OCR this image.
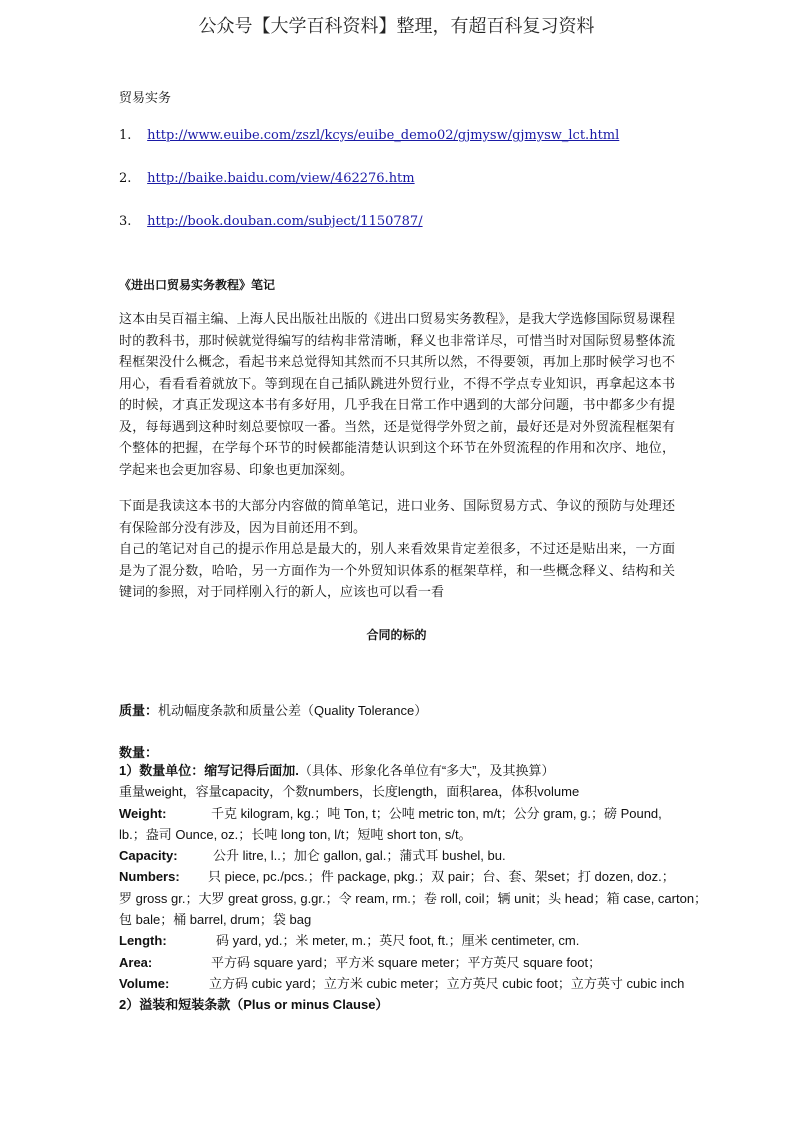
公众号【大学百科资料】整理，有超百科复习资料
贸易实务
1. http://www.euibe.com/zszl/kcys/euibe_demo02/gjmysw/gjmysw_lct.html
2. http://baike.baidu.com/view/462276.htm
3. http://book.douban.com/subject/1150787/
《进出口贸易实务教程》笔记
这本由吴百福主编、上海人民出版社出版的《进出口贸易实务教程》，是我大学选修国际贸易课程时的教科书，那时候就觉得编写的结构非常清晰，释义也非常详尽，可惜当时对国际贸易整体流程框架没什么概念，看起书来总觉得知其然而不只其所以然，不得要领，再加上那时候学习也不用心，看看看着就放下。等到现在自己插队跳进外贸行业，不得不学点专业知识，再拿起这本书的时候，才真正发现这本书有多好用，几乎我在日常工作中遇到的大部分问题，书中都多少有提及，每每遇到这种时刻总要惊叹一番。当然，还是觉得学外贸之前，最好还是对外贸流程框架有个整体的把握，在学每个环节的时候都能清楚认识到这个环节在外贸流程的作用和次序、地位，学起来也会更加容易、印象也更加深刻。
下面是我读这本书的大部分内容做的简单笔记，进口业务、国际贸易方式、争议的预防与处理还有保险部分没有涉及，因为目前还用不到。
自己的笔记对自己的提示作用总是最大的，别人来看效果肯定差很多，不过还是贴出来，一方面是为了混分数，哈哈，另一方面作为一个外贸知识体系的框架草样，和一些概念释义、结构和关键词的参照，对于同样刚入行的新人，应该也可以看一看
合同的标的
质量：机动幅度条款和质量公差（Quality Tolerance）
数量：
1）数量单位：缩写记得后面加.（具体、形象化各单位有“多大”，及其换算）
重量weight，容量capacity，个数numbers，长度length，面积area，体积volume
Weight:	千克 kilogram, kg.；吨 Ton, t；公吨 metric ton, m/t；公分 gram, g.；磅 Pound,
lb.；盎司 Ounce, oz.；长吨 long ton, l/t；短吨 short ton, s/t。
Capacity:	公升 litre, l..；加仑 gallon, gal.；蒲式耳 bushel, bu.
Numbers: 只 piece, pc./pcs.；件 package, pkg.；双 pair；台、套、架set；打 dozen, doz.；
罗 gross gr.；大罗 great gross, g.gr.；令 ream, rm.；卷 roll, coil；辆 unit；头 head；箱 case, carton；
包 bale；桶 barrel, drum；袋 bag
Length:	码 yard, yd.；米 meter, m.；英尺 foot, ft.；厘米 centimeter, cm.
Area:	平方码 square yard；平方米 square meter；平方英尺 square foot；
Volume:	立方码 cubic yard；立方米 cubic meter；立方英尺 cubic foot；立方英寸 cubic inch
2）溢装和短装条款（Plus or minus Clause）
